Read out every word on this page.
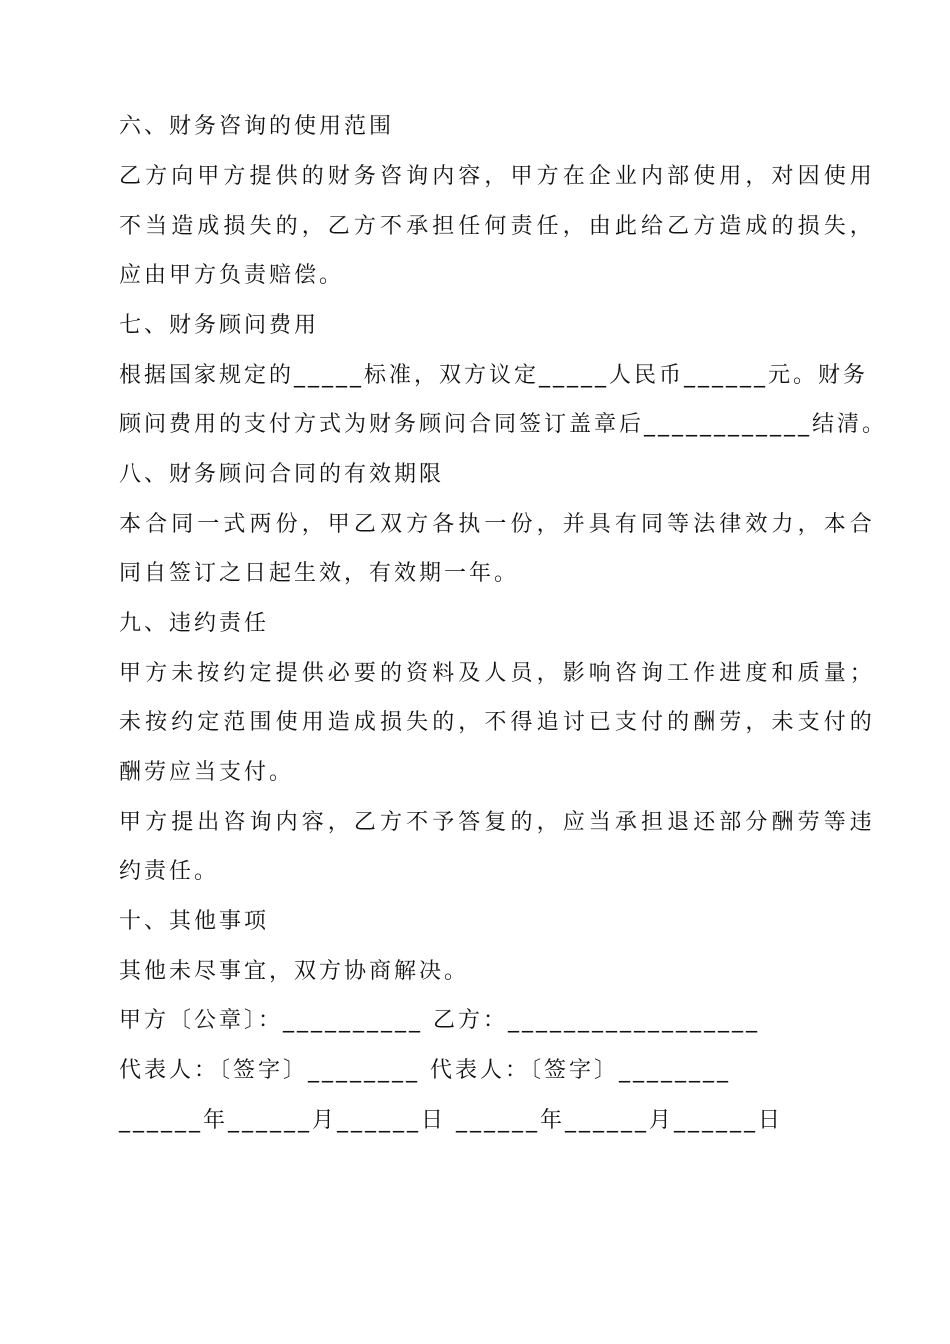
六、财务咨询的使用范围
乙方向甲方提供的财务咨询内容，甲方在企业内部使用，对因使用
不当造成损失的，乙方不承担任何责任，由此给乙方造成的损失，
应由甲方负责赔偿。
七、财务顾问费用
根据国家规定的_____标准，双方议定_____人民币______元。财务
顾问费用的支付方式为财务顾问合同签订盖章后____________结清。
八、财务顾问合同的有效期限
本合同一式两份，甲乙双方各执一份，并具有同等法律效力，本合
同自签订之日起生效，有效期一年。
九、违约责任
甲方未按约定提供必要的资料及人员，影响咨询工作进度和质量；
未按约定范围使用造成损失的，不得追讨已支付的酬劳，未支付的
酬劳应当支付。
甲方提出咨询内容，乙方不予答复的，应当承担退还部分酬劳等违
约责任。
十、其他事项
其他未尽事宜，双方协商解决。
甲方〔公章〕：__________ 乙方：__________________
代表人：〔签字〕________ 代表人：〔签字〕________
______年______月______日 ______年______月______日
